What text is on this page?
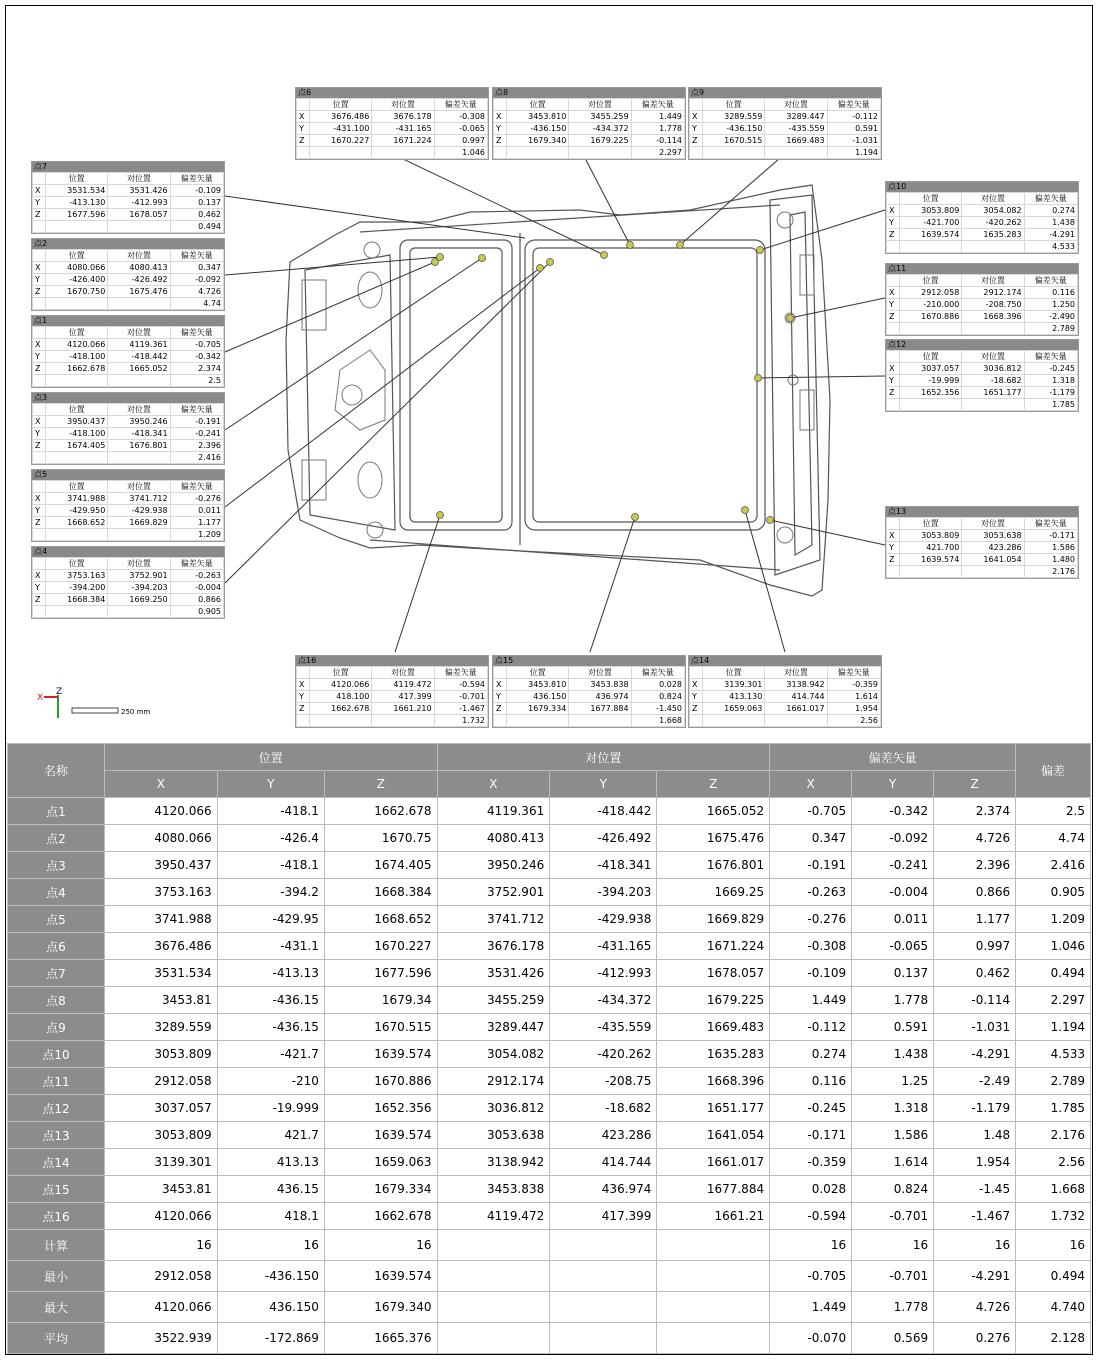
X
Z
250 mm
点6
	位置	对位置	偏差矢量
X	3676.486	3676.178	-0.308
Y	-431.100	-431.165	-0.065
Z	1670.227	1671.224	0.997
			1.046
点8
	位置	对位置	偏差矢量
X	3453.810	3455.259	1.449
Y	-436.150	-434.372	1.778
Z	1679.340	1679.225	-0.114
			2.297
点9
	位置	对位置	偏差矢量
X	3289.559	3289.447	-0.112
Y	-436.150	-435.559	0.591
Z	1670.515	1669.483	-1.031
			1.194
点7
	位置	对位置	偏差矢量
X	3531.534	3531.426	-0.109
Y	-413.130	-412.993	0.137
Z	1677.596	1678.057	0.462
			0.494
点2
	位置	对位置	偏差矢量
X	4080.066	4080.413	0.347
Y	-426.400	-426.492	-0.092
Z	1670.750	1675.476	4.726
			4.74
点1
	位置	对位置	偏差矢量
X	4120.066	4119.361	-0.705
Y	-418.100	-418.442	-0.342
Z	1662.678	1665.052	2.374
			2.5
点3
	位置	对位置	偏差矢量
X	3950.437	3950.246	-0.191
Y	-418.100	-418.341	-0.241
Z	1674.405	1676.801	2.396
			2.416
点5
	位置	对位置	偏差矢量
X	3741.988	3741.712	-0.276
Y	-429.950	-429.938	0.011
Z	1668.652	1669.829	1.177
			1.209
点4
	位置	对位置	偏差矢量
X	3753.163	3752.901	-0.263
Y	-394.200	-394.203	-0.004
Z	1668.384	1669.250	0.866
			0.905
点10
	位置	对位置	偏差矢量
X	3053.809	3054.082	0.274
Y	-421.700	-420.262	1.438
Z	1639.574	1635.283	-4.291
			4.533
点11
	位置	对位置	偏差矢量
X	2912.058	2912.174	0.116
Y	-210.000	-208.750	1.250
Z	1670.886	1668.396	-2.490
			2.789
点12
	位置	对位置	偏差矢量
X	3037.057	3036.812	-0.245
Y	-19.999	-18.682	1.318
Z	1652.356	1651.177	-1.179
			1.785
点13
	位置	对位置	偏差矢量
X	3053.809	3053.638	-0.171
Y	421.700	423.286	1.586
Z	1639.574	1641.054	1.480
			2.176
点16
	位置	对位置	偏差矢量
X	4120.066	4119.472	-0.594
Y	418.100	417.399	-0.701
Z	1662.678	1661.210	-1.467
			1.732
点15
	位置	对位置	偏差矢量
X	3453.810	3453.838	0.028
Y	436.150	436.974	0.824
Z	1679.334	1677.884	-1.450
			1.668
点14
	位置	对位置	偏差矢量
X	3139.301	3138.942	-0.359
Y	413.130	414.744	1.614
Z	1659.063	1661.017	1.954
			2.56
名称	位置			对位置			偏差矢量			偏差
	X	Y	Z	X	Y	Z	X	Y	Z	
点1	4120.066	-418.1	1662.678	4119.361	-418.442	1665.052	-0.705	-0.342	2.374	2.5
点2	4080.066	-426.4	1670.75	4080.413	-426.492	1675.476	0.347	-0.092	4.726	4.74
点3	3950.437	-418.1	1674.405	3950.246	-418.341	1676.801	-0.191	-0.241	2.396	2.416
点4	3753.163	-394.2	1668.384	3752.901	-394.203	1669.25	-0.263	-0.004	0.866	0.905
点5	3741.988	-429.95	1668.652	3741.712	-429.938	1669.829	-0.276	0.011	1.177	1.209
点6	3676.486	-431.1	1670.227	3676.178	-431.165	1671.224	-0.308	-0.065	0.997	1.046
点7	3531.534	-413.13	1677.596	3531.426	-412.993	1678.057	-0.109	0.137	0.462	0.494
点8	3453.81	-436.15	1679.34	3455.259	-434.372	1679.225	1.449	1.778	-0.114	2.297
点9	3289.559	-436.15	1670.515	3289.447	-435.559	1669.483	-0.112	0.591	-1.031	1.194
点10	3053.809	-421.7	1639.574	3054.082	-420.262	1635.283	0.274	1.438	-4.291	4.533
点11	2912.058	-210	1670.886	2912.174	-208.75	1668.396	0.116	1.25	-2.49	2.789
点12	3037.057	-19.999	1652.356	3036.812	-18.682	1651.177	-0.245	1.318	-1.179	1.785
点13	3053.809	421.7	1639.574	3053.638	423.286	1641.054	-0.171	1.586	1.48	2.176
点14	3139.301	413.13	1659.063	3138.942	414.744	1661.017	-0.359	1.614	1.954	2.56
点15	3453.81	436.15	1679.334	3453.838	436.974	1677.884	0.028	0.824	-1.45	1.668
点16	4120.066	418.1	1662.678	4119.472	417.399	1661.21	-0.594	-0.701	-1.467	1.732
计算	16	16	16				16	16	16	16
最小	2912.058	-436.150	1639.574				-0.705	-0.701	-4.291	0.494
最大	4120.066	436.150	1679.340				1.449	1.778	4.726	4.740
平均	3522.939	-172.869	1665.376				-0.070	0.569	0.276	2.128
